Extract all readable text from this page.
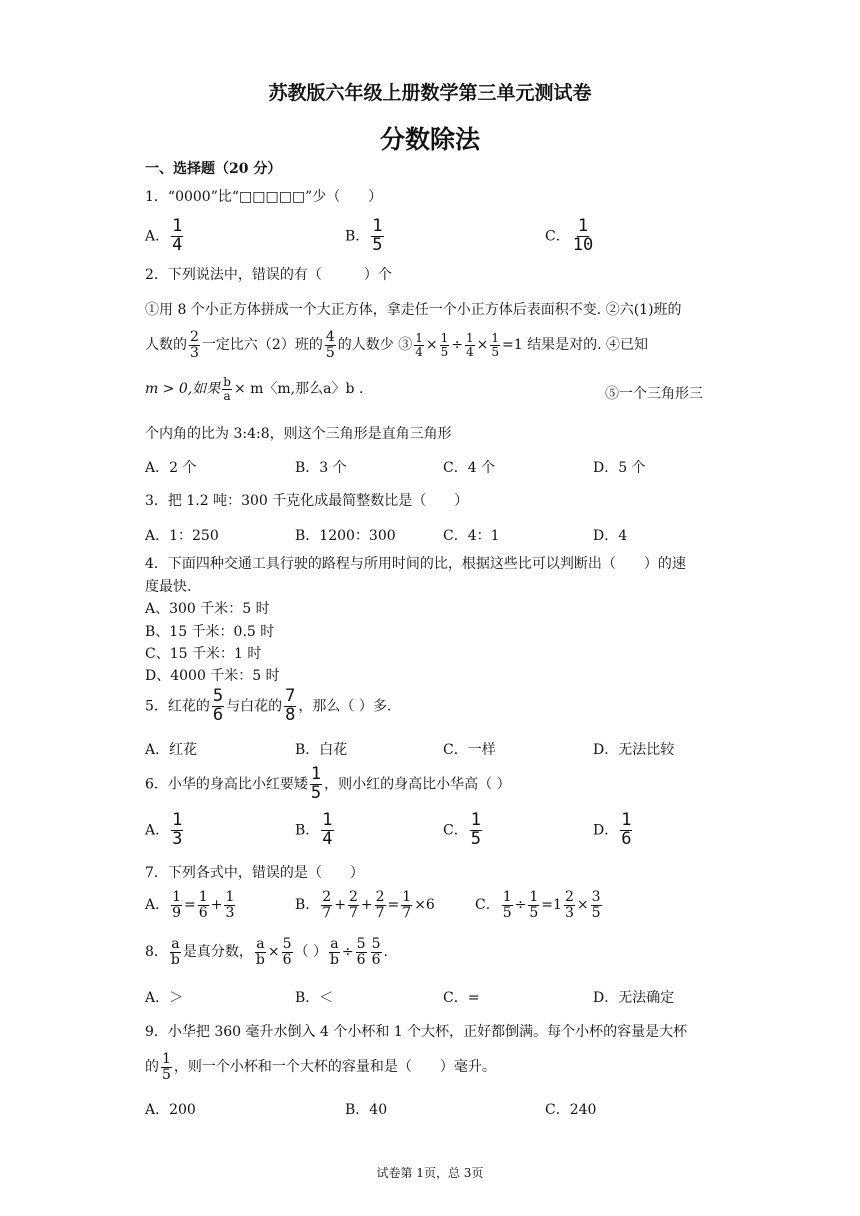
苏教版六年级上册数学第三单元测试卷
分数除法
一、选择题（20 分）
1．“0000”比“□□□□□”少（　　）
A． $\frac{1}{4}$	B． $\frac{1}{5}$	C． $\frac{1}{10}$
2．下列说法中，错误的有（　　　）个
①用 8 个小正方体拼成一个大正方体，拿走任一个小正方体后表面积不变. ②六(1)班的
人数的 $\frac{2}{3}$ 一定比六（2）班的 $\frac{4}{5}$ 的人数少 ③ $\frac{1}{4} \times \frac{1}{5} \div \frac{1}{4} \times \frac{1}{5} =1$ 结果是对的. ④已知
m > 0,如果 $\frac{b}{a} \times m$〈m,那么a〉b .	⑤一个三角形三
个内角的比为 3:4:8，则这个三角形是直角三角形
A．2 个	B．3 个	C．4 个	D．5 个
3．把 1.2 吨：300 千克化成最简整数比是（　　）
A．1：250	B．1200：300	C．4：1	D．4
4．下面四种交通工具行驶的路程与所用时间的比，根据这些比可以判断出（　　）的速
度最快.
A、300 千米：5 时
B、15 千米：0.5 时
C、15 千米：1 时
D、4000 千米：5 时
5．红花的 $\frac{5}{6}$ 与白花的 $\frac{7}{8}$ ，那么（ ）多.
A．红花	B．白花	C．一样	D．无法比较
6．小华的身高比小红要矮 $\frac{1}{5}$ ，则小红的身高比小华高（ ）
A． $\frac{1}{3}$	B． $\frac{1}{4}$	C． $\frac{1}{5}$	D． $\frac{1}{6}$
7．下列各式中，错误的是（　　）
A． $\frac{1}{9} = \frac{1}{6} + \frac{1}{3}$	B． $\frac{2}{7} + \frac{2}{7} + \frac{2}{7} = \frac{1}{7} \times 6$	C． $\frac{1}{5} \div \frac{1}{5} =1 \frac{2}{3} \times \frac{3}{5}$
8． $\frac{a}{b}$ 是真分数， $\frac{a}{b} \times \frac{5}{6}$ （ ） $\frac{a}{b} \div \frac{5}{6} \frac{5}{6}$ .
A．＞	B．＜	C．=	D．无法确定
9．小华把 360 毫升水倒入 4 个小杯和 1 个大杯，正好都倒满。每个小杯的容量是大杯
的 $\frac{1}{5}$ ，则一个小杯和一个大杯的容量和是（　　）毫升。
A．200	B．40	C．240
试卷第 1页，总 3页
